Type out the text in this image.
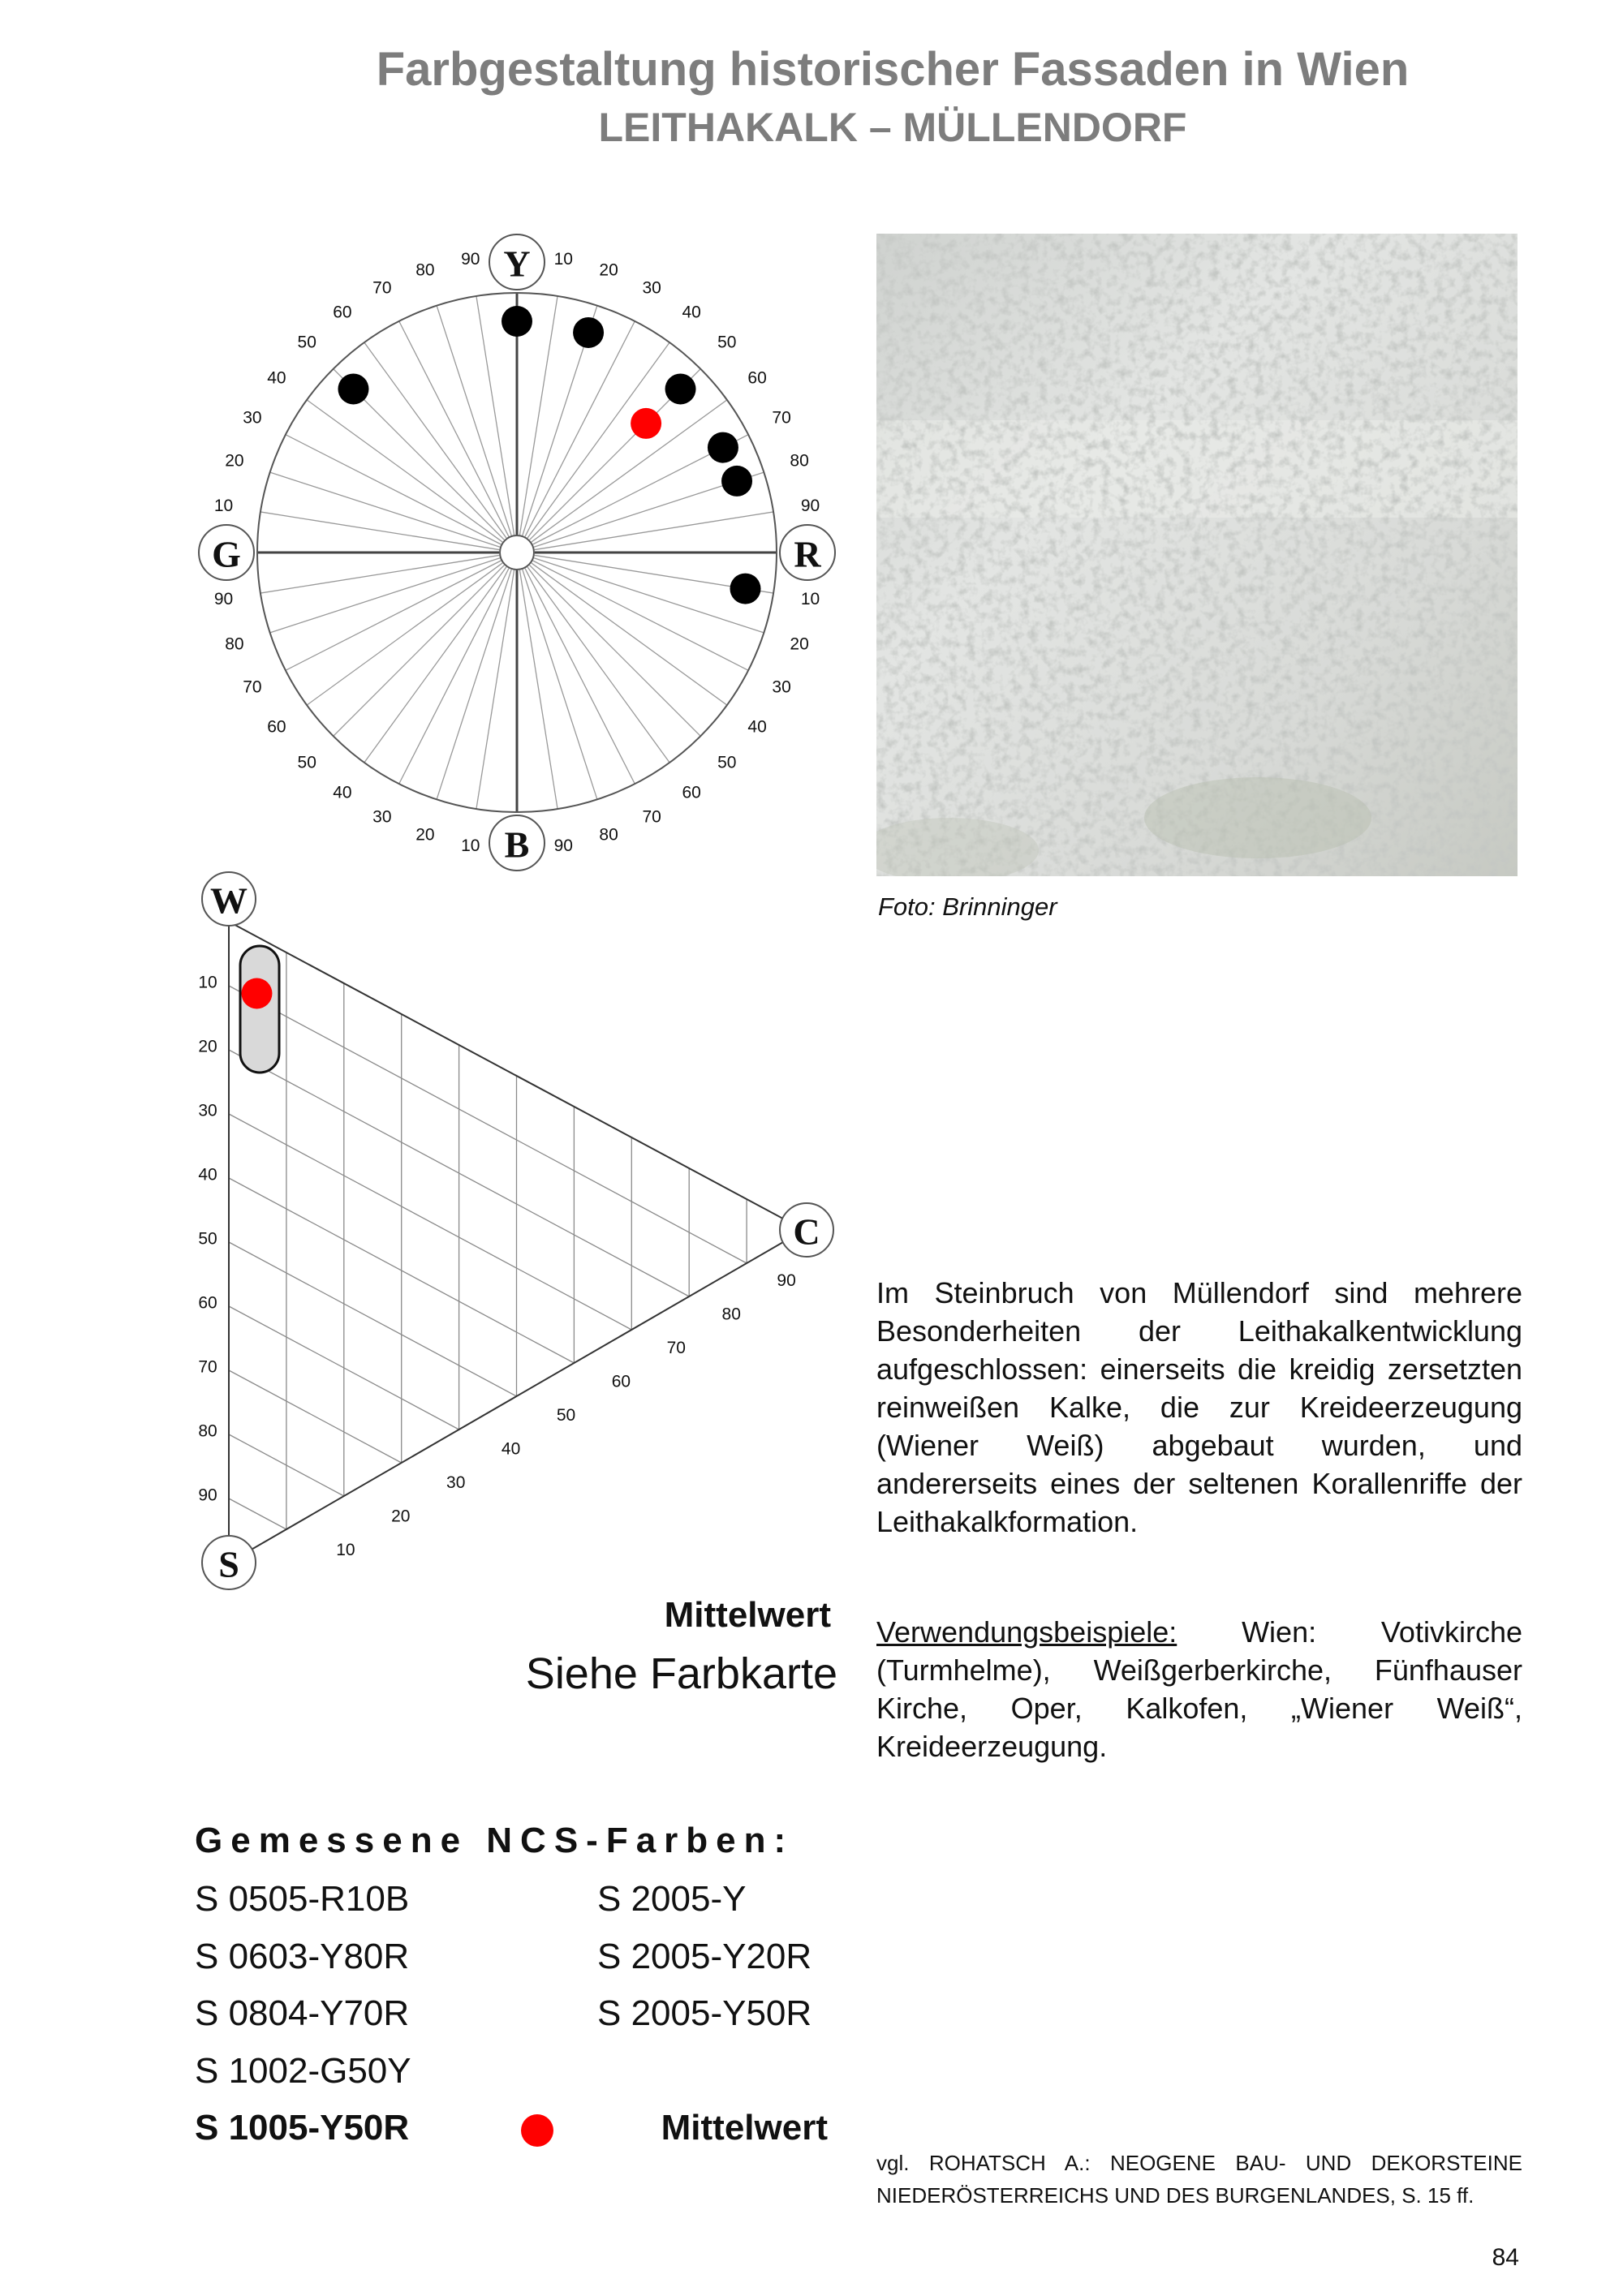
Farbgestaltung historischer Fassaden in Wien
LEITHAKALK – MÜLLENDORF
10
20
30
40
50
60
70
80
90
10
20
30
40
50
60
70
80
90
10
20
30
40
50
60
70
80
90
10
20
30
40
50
60
70
80
90 Y
R
B
G
10
20
30
40
50
60
70
80
90
10
20
30
40
50
60
70
80
90
W
C
S
Foto: Brinninger
Im Steinbruch von Müllendorf sind mehrere Besonderheiten der Leithakalkentwicklung aufgeschlossen: einerseits die kreidig zersetzten reinweißen Kalke, die zur Kreideerzeugung (Wiener Weiß) abgebaut wurden, und andererseits eines der seltenen Korallenriffe der Leithakalkformation.
Verwendungsbeispiele: Wien: Votivkirche (Turmhelme), Weißgerberkirche, Fünfhauser Kirche, Oper, Kalkofen, „Wiener Weiß“, Kreideerzeugung.
Mittelwert
Siehe Farbkarte
Gemessene NCS-Farben:
S 0505-R10B
S 0603-Y80R
S 0804-Y70R
S 1002-G50Y
S 2005-Y
S 2005-Y20R
S 2005-Y50R
S 1005-Y50R	Mittelwert
vgl. ROHATSCH A.: NEOGENE BAU- UND DEKORSTEINE NIEDERÖSTERREICHS UND DES BURGENLANDES, S. 15 ff.
84
